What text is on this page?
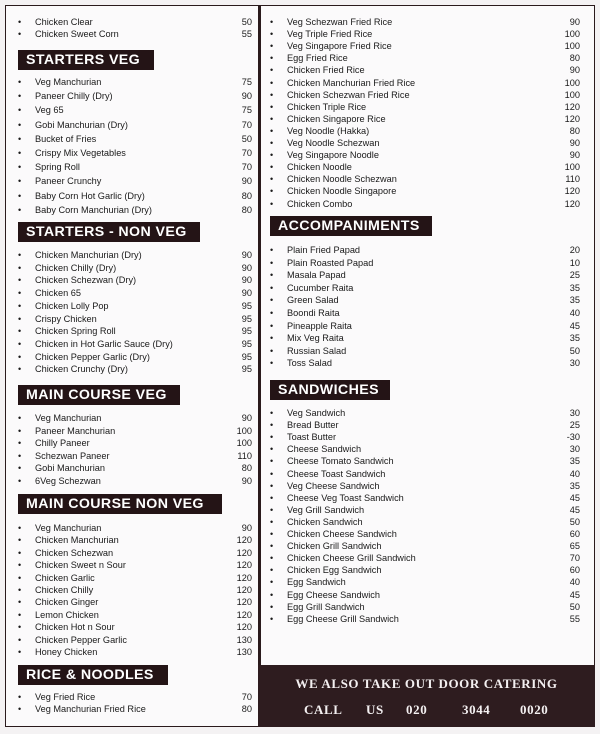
•	Chicken Clear	50
•	Chicken Sweet Corn	55
STARTERS VEG
•	Veg Manchurian	75
•	Paneer Chilly (Dry)	90
•	Veg 65	75
•	Gobi Manchurian (Dry)	70
•	Bucket of Fries	50
•	Crispy Mix Vegetables	70
•	Spring Roll	70
•	Paneer Crunchy	90
•	Baby Corn Hot Garlic (Dry)	80
•	Baby Corn Manchurian (Dry)	80
STARTERS - NON VEG
•	Chicken Manchurian (Dry)	90
•	Chicken Chilly (Dry)	90
•	Chicken Schezwan (Dry)	90
•	Chicken 65	90
•	Chicken Lolly Pop	95
•	Crispy Chicken	95
•	Chicken Spring Roll	95
•	Chicken in Hot Garlic Sauce (Dry)	95
•	Chicken Pepper Garlic (Dry)	95
•	Chicken Crunchy (Dry)	95
MAIN COURSE VEG
•	Veg Manchurian	90
•	Paneer Manchurian	100
•	Chilly Paneer	100
•	Schezwan Paneer	110
•	Gobi Manchurian	80
•	6Veg Schezwan	90
MAIN COURSE NON VEG
•	Veg Manchurian	90
•	Chicken Manchurian	120
•	Chicken Schezwan	120
•	Chicken Sweet n Sour	120
•	Chicken Garlic	120
•	Chicken Chilly	120
•	Chicken Ginger	120
•	Lemon Chicken	120
•	Chicken Hot n Sour	120
•	Chicken Pepper Garlic	130
•	Honey Chicken	130
RICE & NOODLES
•	Veg Fried Rice	70
•	Veg Manchurian Fried Rice	80
•	Veg Schezwan Fried Rice	90
•	Veg Triple Fried Rice	100
•	Veg Singapore Fried Rice	100
•	Egg Fried Rice	80
•	Chicken Fried Rice	90
•	Chicken Manchurian Fried Rice	100
•	Chicken Schezwan Fried Rice	100
•	Chicken Triple Rice	120
•	Chicken Singapore Rice	120
•	Veg Noodle (Hakka)	80
•	Veg Noodle Schezwan	90
•	Veg Singapore Noodle	90
•	Chicken Noodle	100
•	Chicken Noodle Schezwan	110
•	Chicken Noodle Singapore	120
•	Chicken Combo	120
ACCOMPANIMENTS
•	Plain Fried Papad	20
•	Plain Roasted Papad	10
•	Masala Papad	25
•	Cucumber Raita	35
•	Green Salad	35
•	Boondi Raita	40
•	Pineapple Raita	45
•	Mix Veg Raita	35
•	Russian Salad	50
•	Toss Salad	30
SANDWICHES
•	Veg Sandwich	30
•	Bread Butter	25
•	Toast Butter	-30
•	Cheese Sandwich	30
•	Cheese Tomato Sandwich	35
•	Cheese Toast Sandwich	40
•	Veg Cheese Sandwich	35
•	Cheese Veg Toast Sandwich	45
•	Veg Grill Sandwich	45
•	Chicken Sandwich	50
•	Chicken Cheese Sandwich	60
•	Chicken Grill Sandwich	65
•	Chicken Cheese Grill Sandwich	70
•	Chicken Egg Sandwich	60
•	Egg Sandwich	40
•	Egg Cheese Sandwich	45
•	Egg Grill Sandwich	50
•	Egg Cheese Grill Sandwich	55
WE ALSO TAKE OUT DOOR CATERING
CALL US 020	3044 0020
